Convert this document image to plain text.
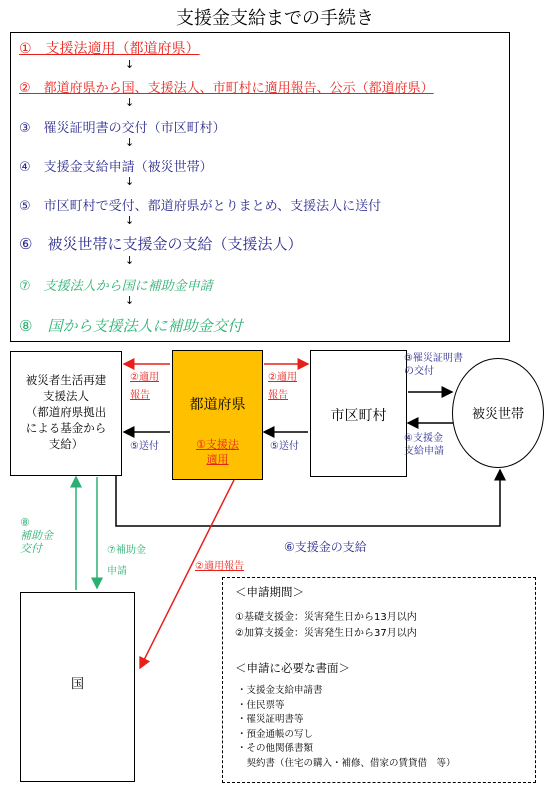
支援金支給までの手続き
①　支援法適用（都道府県）
↓
②　都道府県から国、支援法人、市町村に適用報告、公示（都道府県）
↓
③　罹災証明書の交付（市区町村）
↓
④　支援金支給申請（被災世帯）
↓
⑤　市区町村で受付、都道府県がとりまとめ、支援法人に送付
↓
⑥　被災世帯に支援金の支給（支援法人）
↓
⑦　支援法人から国に補助金申請
↓
⑧　国から支援法人に補助金交付
被災者生活再建
支援法人
（都道府県拠出
による基金から
支給）
都道府県
①支援法
適用
市区町村	被災世帯
国
②適用
報告
⑤送付
②適用
報告
⑤送付
③罹災証明書
の交付
④支援金
支給申請
⑧
補助金
交付	⑦補助金
申請	②適用報告
⑥支援金の支給
＜申請期間＞
①基礎支援金：災害発生日から13月以内
②加算支援金：災害発生日から37月以内
＜申請に必要な書面＞
・支援金支給申請書
・住民票等
・罹災証明書等
・預金通帳の写し
・その他関係書類
　契約書（住宅の購入・補修、借家の賃貸借　等）
